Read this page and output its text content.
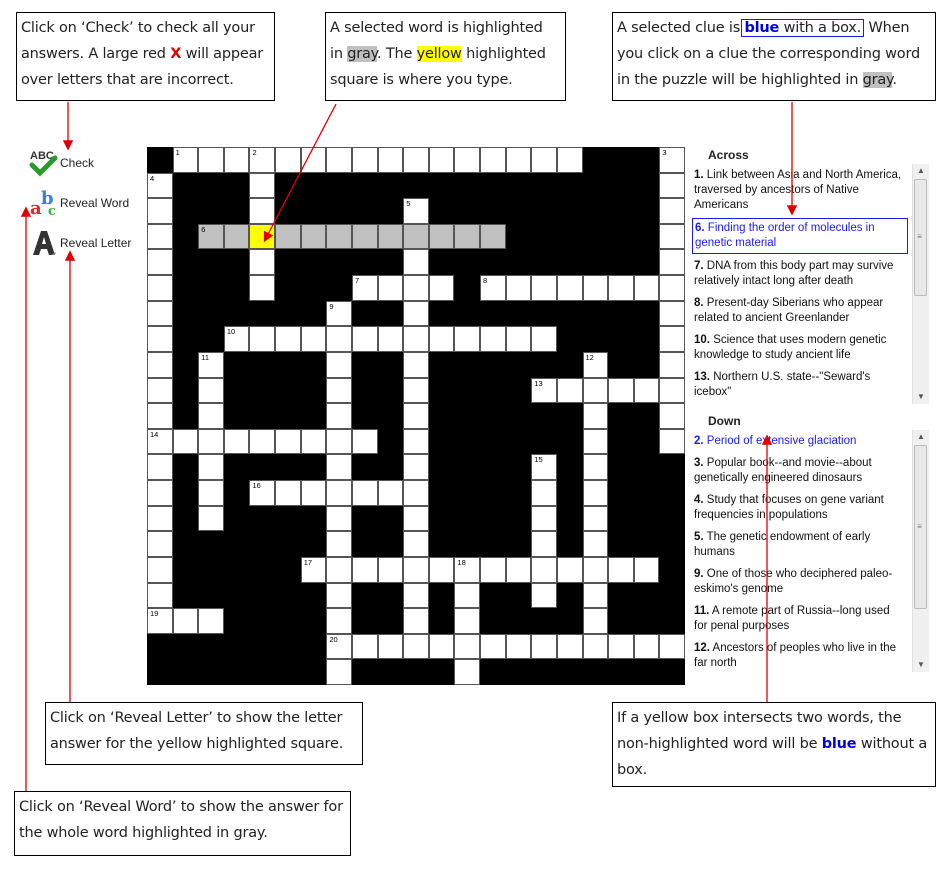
Click on ‘Check’ to check all your answers. A large red X will appear over letters that are incorrect.
A selected word is highlighted
in gray. The yellow highlighted
square is where you type.
A selected clue is blue with a box. When you click on a clue the corresponding word in the puzzle will be highlighted in gray.
Click on ‘Reveal Letter’ to show the letter answer for the yellow highlighted square.
Click on ‘Reveal Word’ to show the answer for the whole word highlighted in gray.
If a yellow box intersects two words, the non-highlighted word will be blue without a box.
ABC Check
b
a c
Reveal Word
Reveal Letter
1	2	3
4
5
6
7	8
9
10
11	12
13
14
15
16
17	18
19
20
Across
1. Link between Asia and North America, traversed by ancestors of Native Americans
6. Finding the order of molecules in genetic material
7. DNA from this body part may survive relatively intact long after death
8. Present-day Siberians who appear related to ancient Greenlander
10. Science that uses modern genetic knowledge to study ancient life
13. Northern U.S. state--"Seward's icebox"
▲
≡
▼
Down
2. Period of extensive glaciation
3. Popular book--and movie--about genetically engineered dinosaurs
4. Study that focuses on gene variant frequencies in populations
5. The genetic endowment of early humans
9. One of those who deciphered paleo-eskimo's genome
11. A remote part of Russia--long used for penal purposes
12. Ancestors of peoples who live in the far north
▲
≡
▼
